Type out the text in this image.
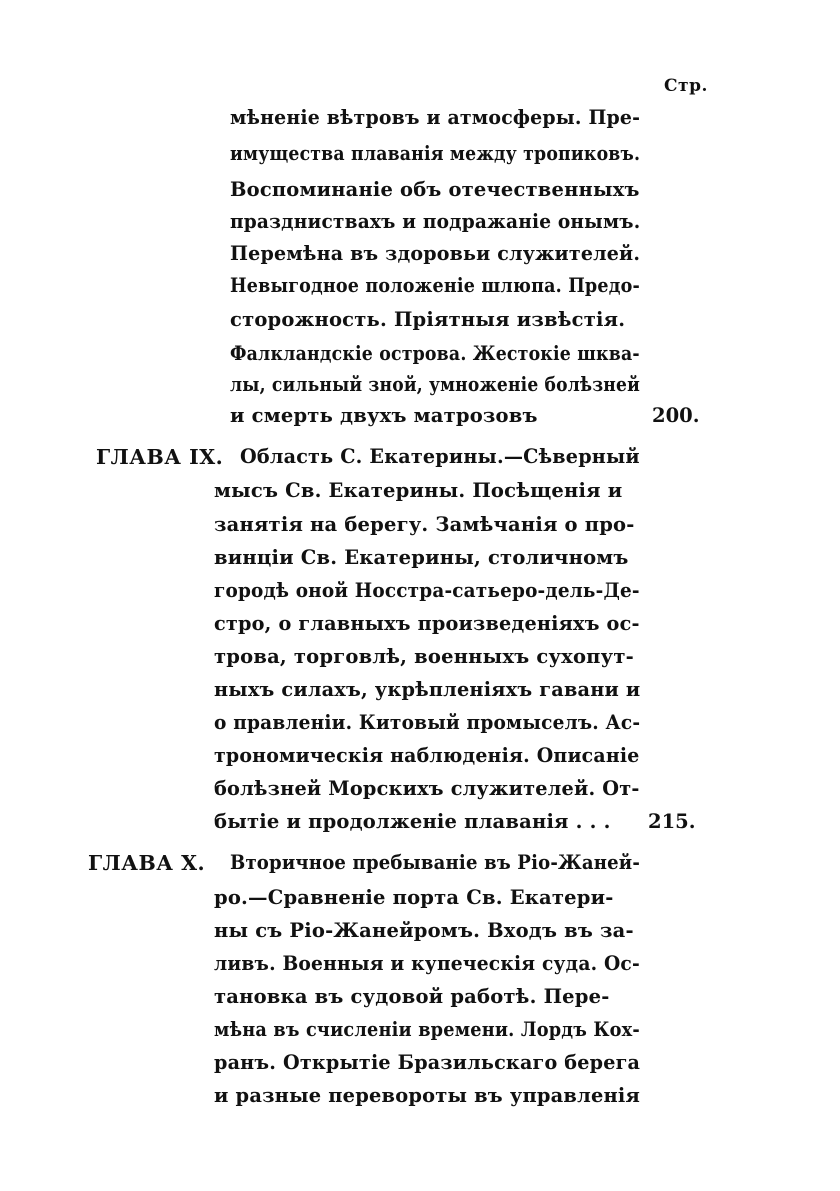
Стр.
мѣненіе вѣтровъ и атмосферы. Пре-
имущества плаванія между тропиковъ.
Воспоминаніе объ отечественныхъ
праздниствахъ и подражаніе онымъ.
Перемѣна въ здоровьи служителей.
Невыгодное положеніе шлюпа. Предо-
сторожность. Пріятныя извѣстія.
Фалкландскіе острова. Жестокіе шква-
лы, сильный зной, умноженіе болѣзней
и смерть двухъ матрозовъ	200.
ГЛАВА IX. Область С. Екатерины.—Сѣверный
мысъ Св. Екатерины. Посѣщенія и
занятія на берегу. Замѣчанія о про-
винціи Св. Екатерины, столичномъ
городѣ оной Носстра-сатьеро-дель-Де-
стро, о главныхъ произведеніяхъ ос-
трова, торговлѣ, военныхъ сухопут-
ныхъ силахъ, укрѣпленіяхъ гавани и
о правленіи. Китовый промыселъ. Ас-
трономическія наблюденія. Описаніе
болѣзней Морскихъ служителей. От-
бытіе и продолженіе плаванія . . . 215.
ГЛАВА X. Вторичное пребываніе въ Ріо-Жаней-
ро.—Сравненіе порта Св. Екатери-
ны съ Ріо-Жанейромъ. Входъ въ за-
ливъ. Военныя и купеческія суда. Ос-
тановка въ судовой работѣ. Пере-
мѣна въ счисленіи времени. Лордъ Кох-
ранъ. Открытіе Бразильскаго берега
и разные перевороты въ управленія
